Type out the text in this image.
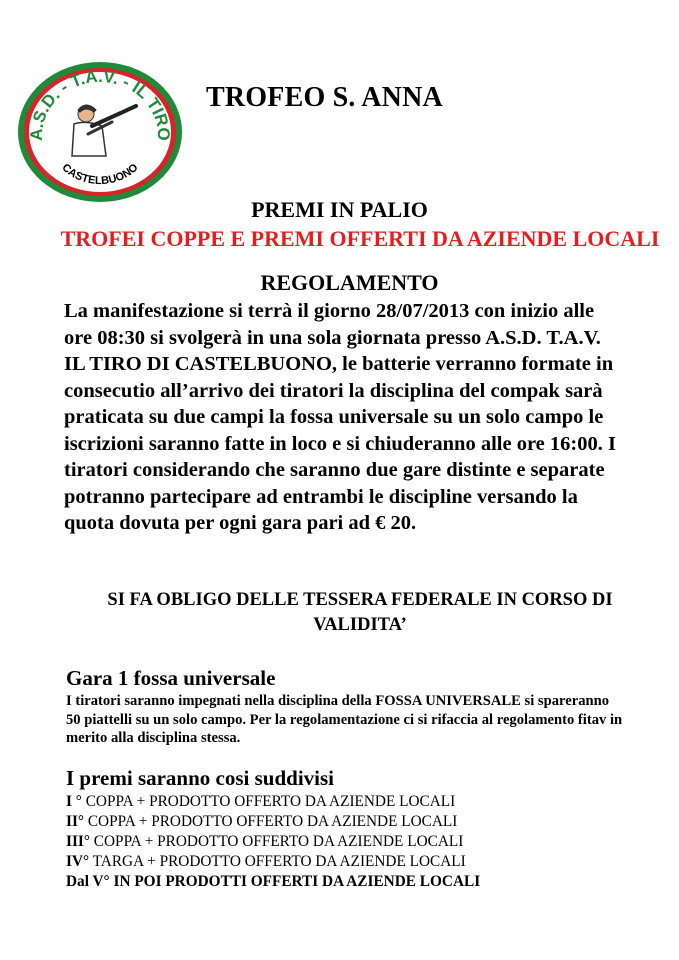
A.S.D. - T.A.V. - IL TIRO
CASTELBUONO
TROFEO S. ANNA
PREMI IN PALIO
TROFEI COPPE E PREMI OFFERTI DA AZIENDE LOCALI
REGOLAMENTO

La manifestazione si terrà il giorno 28/07/2013 con inizio alle ore 08:30 si svolgerà in una sola giornata presso A.S.D. T.A.V. IL TIRO DI CASTELBUONO, le batterie verranno formate in consecutio all’arrivo dei tiratori la disciplina del compak sarà praticata su due campi la fossa universale su un solo campo le iscrizioni saranno fatte in loco e si chiuderanno alle ore 16:00. I tiratori considerando che saranno due gare distinte e separate potranno partecipare ad entrambi le discipline versando la quota dovuta per ogni gara pari ad € 20.

SI FA OBLIGO DELLE TESSERA FEDERALE IN CORSO DI VALIDITA’
Gara 1 fossa universale

I tiratori saranno impegnati nella disciplina della FOSSA UNIVERSALE si spareranno 50 piattelli su un solo campo. Per la regolamentazione ci si rifaccia al regolamento fitav in merito alla disciplina stessa.

I premi saranno cosi suddivisi
I ° COPPA + PRODOTTO OFFERTO DA AZIENDE LOCALI
II° COPPA + PRODOTTO OFFERTO DA AZIENDE LOCALI
III° COPPA + PRODOTTO OFFERTO DA AZIENDE LOCALI
IV° TARGA + PRODOTTO OFFERTO DA AZIENDE LOCALI
Dal V° IN POI PRODOTTI OFFERTI DA AZIENDE LOCALI
